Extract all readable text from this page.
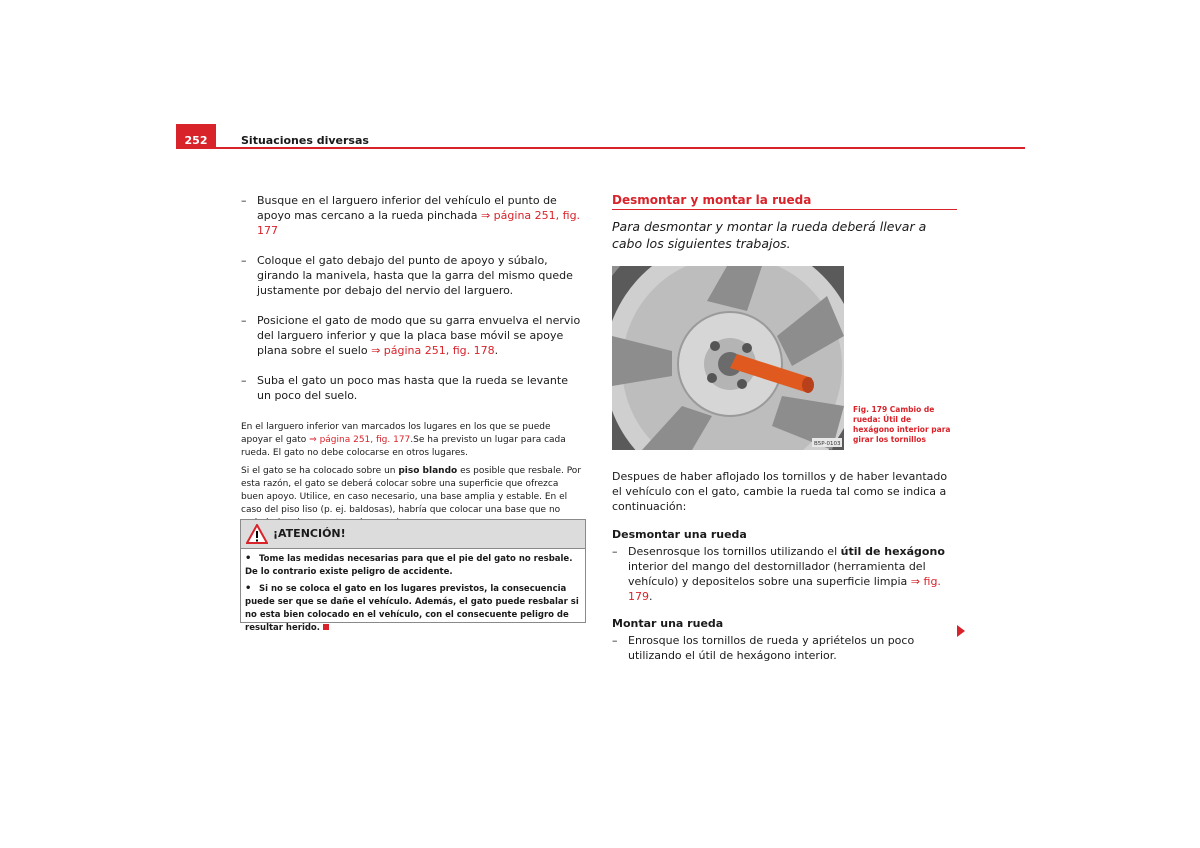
252	Situaciones diversas
– Busque en el larguero inferior del vehículo el punto de apoyo mas cercano a la rueda pinchada ⇒ página 251, fig. 177
– Coloque el gato debajo del punto de apoyo y súbalo, girando la manivela, hasta que la garra del mismo quede justamente por debajo del nervio del larguero.
– Posicione el gato de modo que su garra envuelva el nervio del larguero inferior y que la placa base móvil se apoye plana sobre el suelo ⇒ página 251, fig. 178.
– Suba el gato un poco mas hasta que la rueda se levante un poco del suelo.
En el larguero inferior van marcados los lugares en los que se puede apoyar el gato ⇒ página 251, fig. 177.Se ha previsto un lugar para cada rueda. El gato no debe colocarse en otros lugares.
Si el gato se ha colocado sobre un piso blando es posible que resbale. Por esta razón, el gato se deberá colocar sobre una superficie que ofrezca buen apoyo. Utilice, en caso necesario, una base amplia y estable. En el caso del piso liso (p. ej. baldosas), habría que colocar una base que no
¡ATENCIÓN!
• Tome las medidas necesarias para que el pie del gato no resbale. De lo contrario existe peligro de accidente.
• Si no se coloca el gato en los lugares previstos, la consecuencia puede ser que se dañe el vehículo. Además, el gato puede resbalar si no esta bien colocado en el vehículo, con el consecuente peligro de resultar herido.
Desmontar y montar la rueda
Para desmontar y montar la rueda deberá llevar a cabo los siguientes trabajos.
B5P-0103
Fig. 179 Cambio de rueda: Útil de hexágono interior para girar los tornillos
Despues de haber aflojado los tornillos y de haber levantado el vehículo con el gato, cambie la rueda tal como se indica a continuación:
Desmontar una rueda
– Desenrosque los tornillos utilizando el útil de hexágono interior del mango del destornillador (herramienta del vehículo) y depositelos sobre una superficie limpia ⇒ fig. 179.
Montar una rueda
– Enrosque los tornillos de rueda y apriételos un poco utilizando el útil de hexágono interior.
